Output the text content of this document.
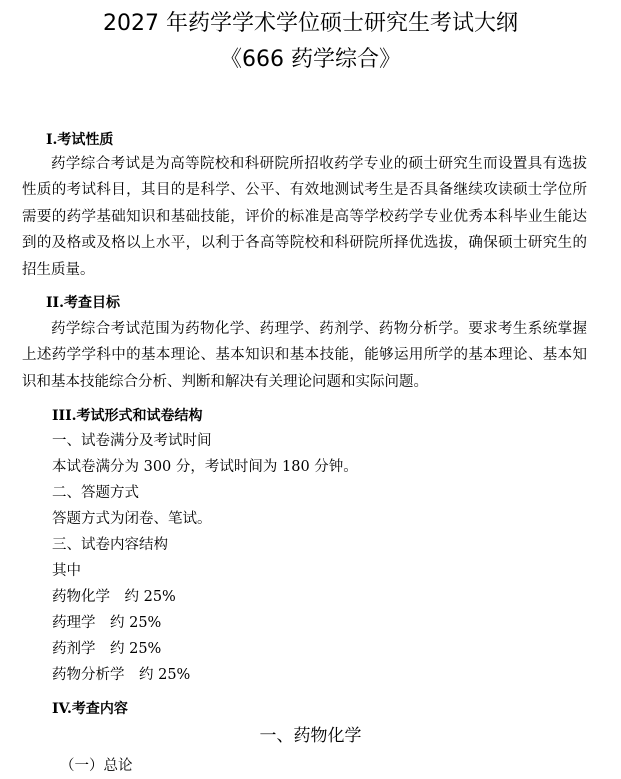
2027 年药学学术学位硕士研究生考试大纲
《666 药学综合》
I.考试性质

药学综合考试是为高等院校和科研院所招收药学专业的硕士研究生而设置具有选拔性质的考试科目，其目的是科学、公平、有效地测试考生是否具备继续攻读硕士学位所需要的药学基础知识和基础技能，评价的标准是高等学校药学专业优秀本科毕业生能达到的及格或及格以上水平，以利于各高等院校和科研院所择优选拔，确保硕士研究生的招生质量。

II.考查目标

药学综合考试范围为药物化学、药理学、药剂学、药物分析学。要求考生系统掌握上述药学学科中的基本理论、基本知识和基本技能，能够运用所学的基本理论、基本知识和基本技能综合分析、判断和解决有关理论问题和实际问题。

III.考试形式和试卷结构
一、试卷满分及考试时间
本试卷满分为 300 分，考试时间为 180 分钟。
二、答题方式
答题方式为闭卷、笔试。
三、试卷内容结构
其中
药物化学　约 25%
药理学　约 25%
药剂学　约 25%
药物分析学　约 25%
IV.考查内容
一、药物化学
（一）总论
